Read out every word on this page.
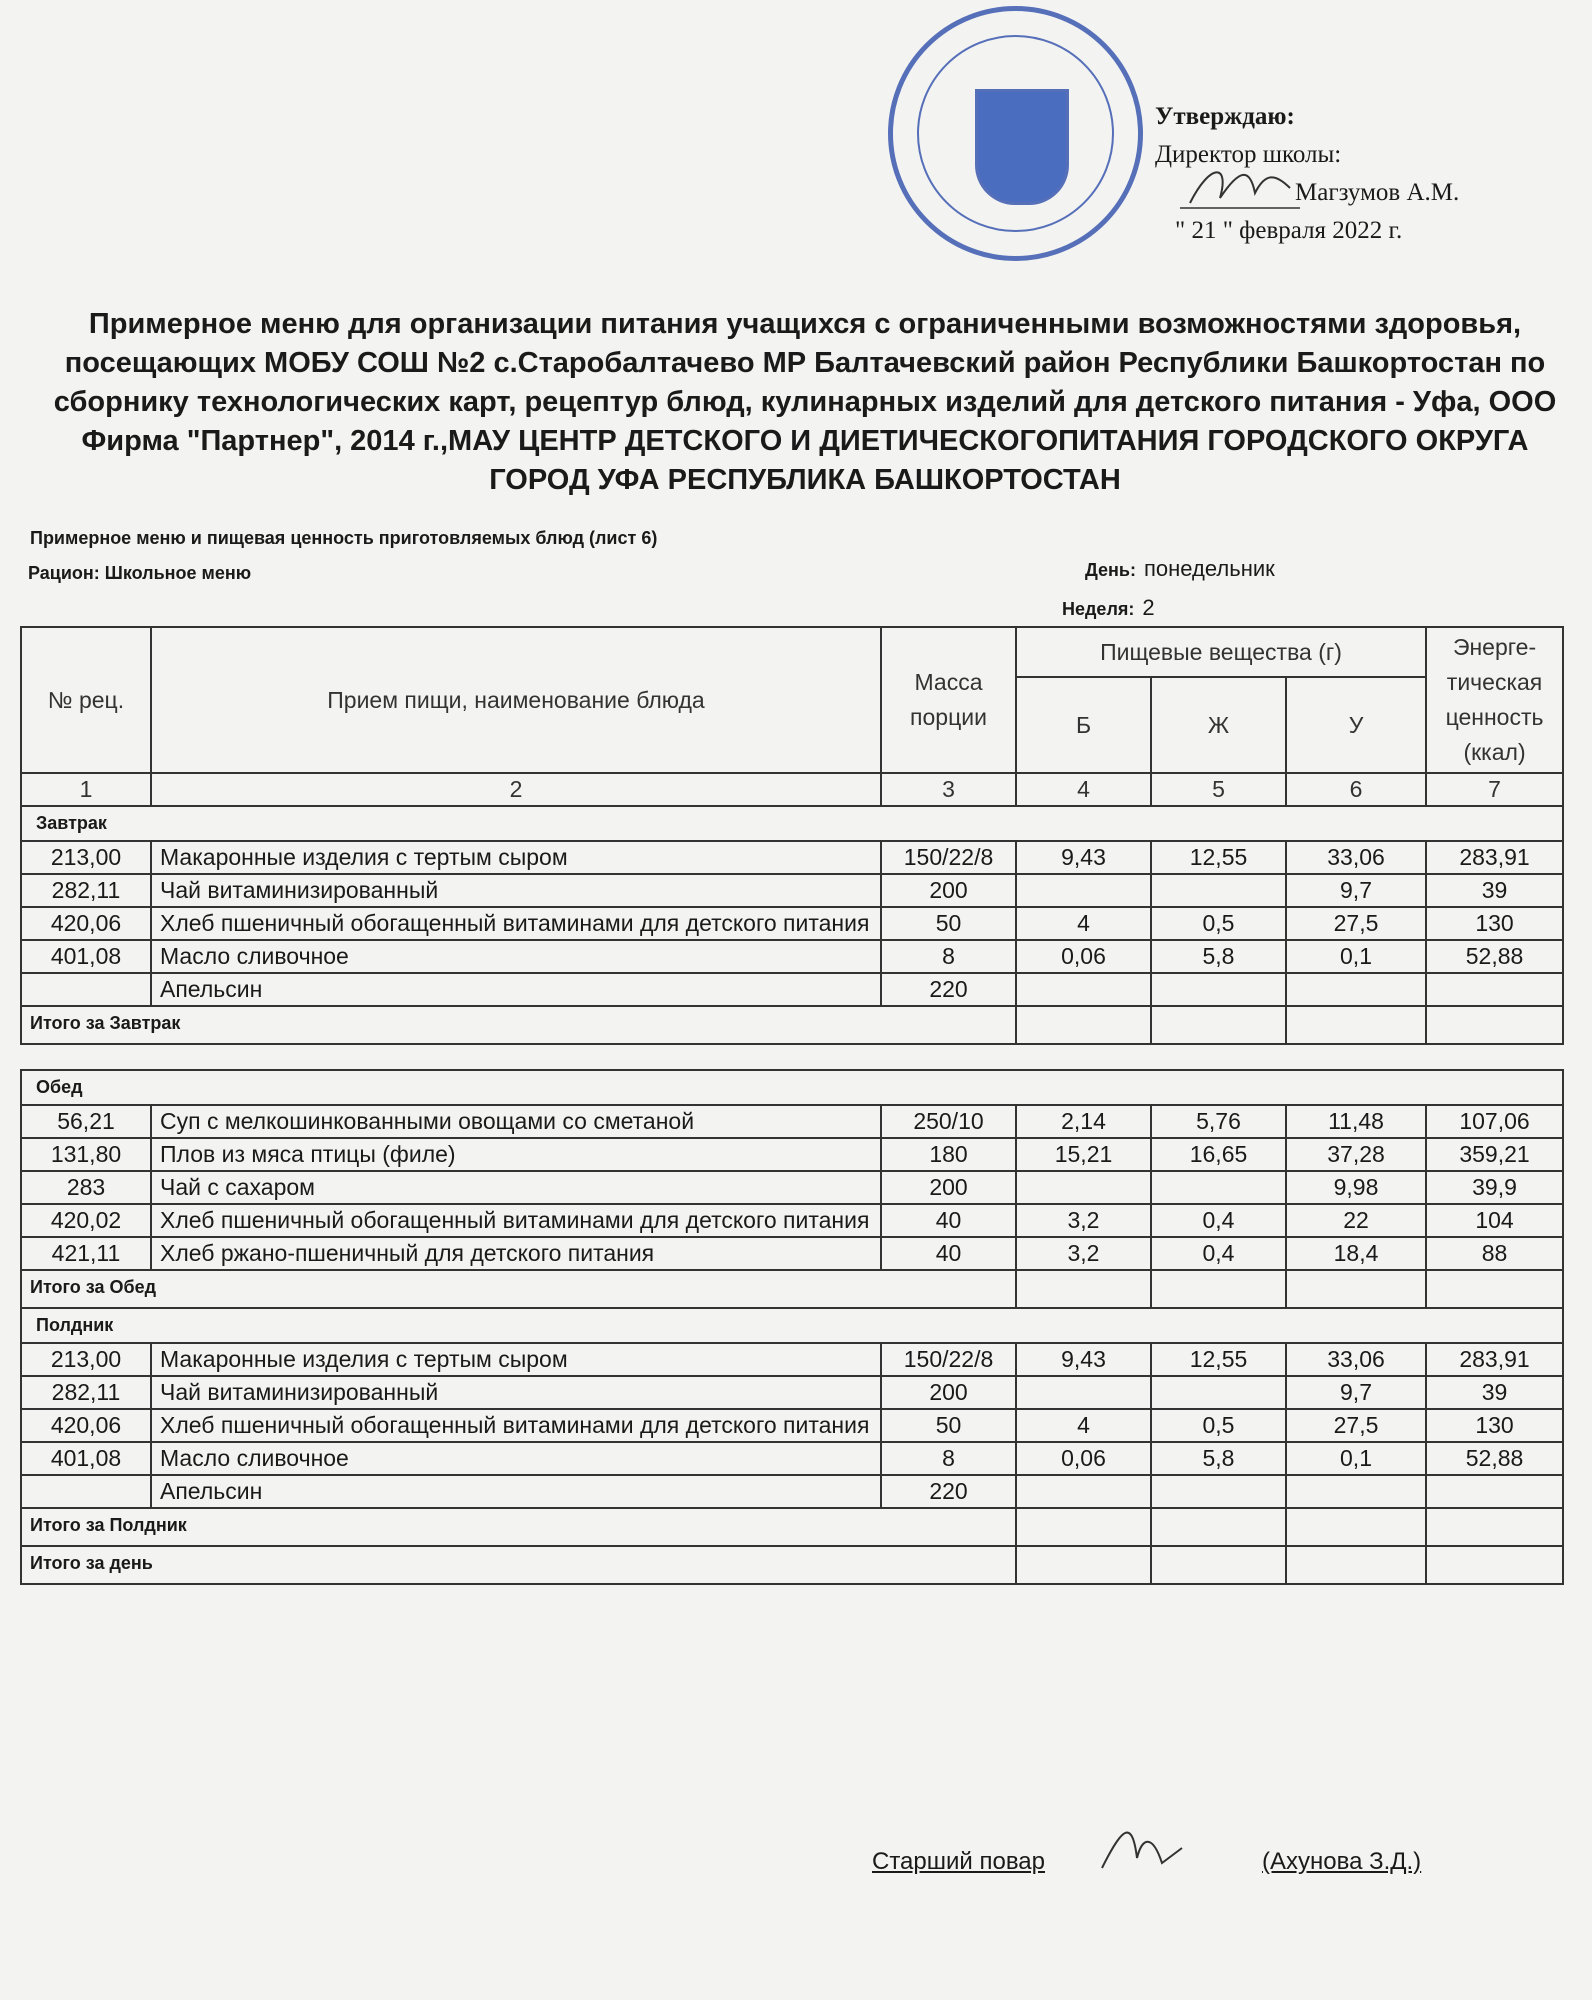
Утверждаю:
Директор школы:
Магзумов А.М.
" 21 " февраля 2022 г.
Примерное меню для организации питания учащихся с ограниченными возможностями здоровья, посещающих МОБУ СОШ №2 с.Старобалтачево МР Балтачевский район Республики Башкортостан по сборнику технологических карт, рецептур блюд, кулинарных изделий для детского питания - Уфа, ООО Фирма "Партнер", 2014 г.,МАУ ЦЕНТР ДЕТСКОГО И ДИЕТИЧЕСКОГОПИТАНИЯ ГОРОДСКОГО ОКРУГА ГОРОД УФА РЕСПУБЛИКА БАШКОРТОСТАН
Примерное меню и пищевая ценность приготовляемых блюд (лист 6)
Рацион: Школьное меню	День: понедельник
Неделя: 2
№ рец.	Прием пищи, наименование блюда	Масса порции	Пищевые вещества (г)			Энерге-тическая ценность (ккал)
			Б	Ж	У	
1	2	3	4	5	6	7
Завтрак						
213,00	Макаронные изделия с тертым сыром	150/22/8	9,43	12,55	33,06	283,91
282,11	Чай витаминизированный	200			9,7	39
420,06	Хлеб пшеничный обогащенный витаминами для детского питания	50	4	0,5	27,5	130
401,08	Масло сливочное	8	0,06	5,8	0,1	52,88
	Апельсин	220				
Итого за Завтрак						

Обед						
56,21	Суп с мелкошинкованными овощами со сметаной	250/10	2,14	5,76	11,48	107,06
131,80	Плов из мяса птицы (филе)	180	15,21	16,65	37,28	359,21
283	Чай с сахаром	200			9,98	39,9
420,02	Хлеб пшеничный обогащенный витаминами для детского питания	40	3,2	0,4	22	104
421,11	Хлеб ржано-пшеничный для детского питания	40	3,2	0,4	18,4	88
Итого за Обед						
Полдник						
213,00	Макаронные изделия с тертым сыром	150/22/8	9,43	12,55	33,06	283,91
282,11	Чай витаминизированный	200			9,7	39
420,06	Хлеб пшеничный обогащенный витаминами для детского питания	50	4	0,5	27,5	130
401,08	Масло сливочное	8	0,06	5,8	0,1	52,88
	Апельсин	220				
Итого за Полдник						
Итого за день						
Старший повар	(Ахунова З.Д.)
